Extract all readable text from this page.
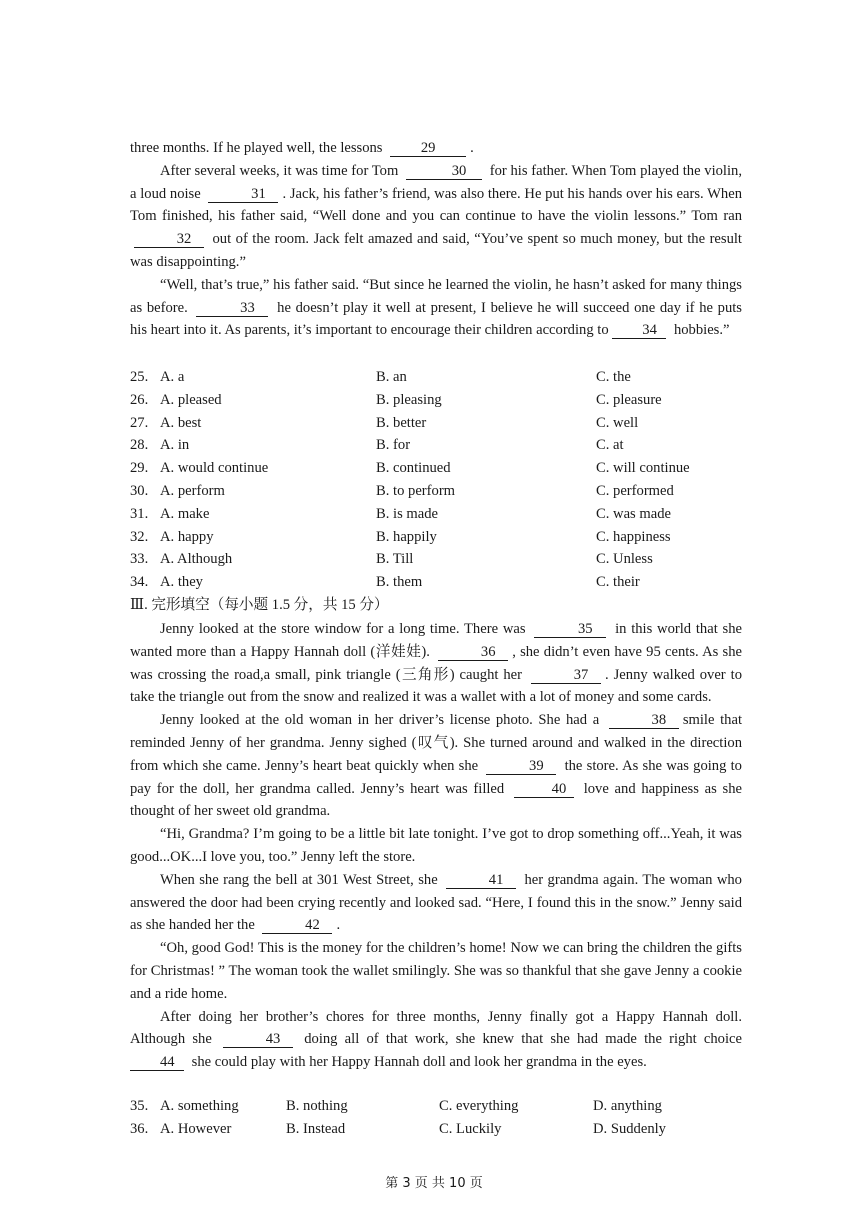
three months. If he played well, the lessons	29 .

After several weeks, it was time for Tom	30 for his father. When Tom played the violin, a loud noise	31 . Jack, his father’s friend, was also there. He put his hands over his ears. When Tom finished, his father said, “Well done and you can continue to have the violin lessons.” Tom ran 32 out of the room. Jack felt amazed and said, “You’ve spent so much money, but the result was disappointing.”

“Well, that’s true,” his father said. “But since he learned the violin, he hasn’t asked for many things as before.	33 he doesn’t play it well at present, I believe he will succeed one day if he puts his heart into it. As parents, it’s important to encourage their children according to 34 hobbies.”

25. A. a	B. an	C. the
26. A. pleased	B. pleasing	C. pleasure
27. A. best	B. better	C. well
28. A. in	B. for	C. at
29. A. would continue	B. continued	C. will continue
30. A. perform	B. to perform	C. performed
31. A. make	B. is made	C. was made
32. A. happy	B. happily	C. happiness
33. A. Although	B. Till	C. Unless
34. A. they	B. them	C. their
Ⅲ. 完形填空（每小题 1.5 分，共 15 分）

Jenny looked at the store window for a long time. There was	35 in this world that she wanted more than a Happy Hannah doll (洋娃娃).	36 , she didn’t even have 95 cents. As she was crossing the road,a small, pink triangle (三角形) caught her	37 . Jenny walked over to take the triangle out from the snow and realized it was a wallet with a lot of money and some cards.

Jenny looked at the old woman in her driver’s license photo. She had a	38 smile that reminded Jenny of her grandma. Jenny sighed (叹气). She turned around and walked in the direction from which she came. Jenny’s heart beat quickly when she	39 the store. As she was going to pay for the doll, her grandma called. Jenny’s heart was filled	40 love and happiness as she thought of her sweet old grandma.

“Hi, Grandma? I’m going to be a little bit late tonight. I’ve got to drop something off...Yeah, it was good...OK...I love you, too.” Jenny left the store.

When she rang the bell at 301 West Street, she	41 her grandma again. The woman who answered the door had been crying recently and looked sad. “Here, I found this in the snow.” Jenny said as she handed her the	42 .

“Oh, good God! This is the money for the children’s home! Now we can bring the children the gifts for Christmas! ” The woman took the wallet smilingly. She was so thankful that she gave Jenny a cookie and a ride home.

After doing her brother’s chores for three months, Jenny finally got a Happy Hannah doll. Although she	43 doing all of that work, she knew that she had made the right choice 44 she could play with her Happy Hannah doll and look her grandma in the eyes.

35. A. something	B. nothing	C. everything	D. anything
36. A. However	B. Instead	C. Luckily	D. Suddenly
第 3 页 共 10 页
